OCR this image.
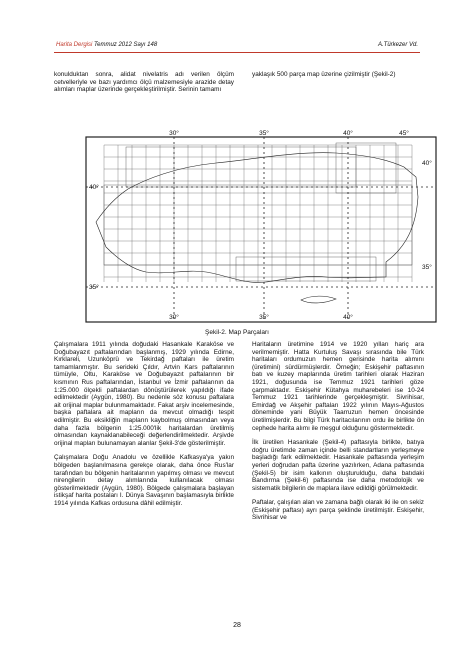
Harita Dergisi Temmuz 2012 Sayı 148	A.Türkezer Vd.

konulduktan sonra, alidat nivelatris adı verilen ölçüm cetvelleriyle ve bazı yardımcı ölçü malzemesiyle arazide detay alımları maplar üzerinde gerçekleştirilmiştir. Serinin tamamı

yaklaşık 500 parça map üzerine çizilmiştir (Şekil-2)

30°	35°	40°	45°
30°	35°	40°
40°
35°
40°
35°
Şekil-2. Map Parçaları

Çalışmalara 1911 yılında doğudaki Hasankale Karaköse ve Doğubayazıt paftalarından başlanmış, 1929 yılında Edirne, Kırklareli, Uzunköprü ve Tekirdağ paftaları ile üretim tamamlanmıştır. Bu serideki Çıldır, Artvin Kars paftalarının tümüyle, Oltu, Karaköse ve Doğubayazıt paftalarının bir kısmının Rus paftalarından, İstanbul ve İzmir paftalarının da 1:25.000 ölçekli paftalardan dönüştürülerek yapıldığı ifade edilmektedir (Aygün, 1980). Bu nedenle söz konusu paftalara ait orijinal maplar bulunmamaktadır. Fakat arşiv incelemesinde, başka paftalara ait mapların da mevcut olmadığı tespit edilmiştir. Bu eksikliğin mapların kaybolmuş olmasından veya daha fazla bölgenin 1:25.000'lik haritalardan üretilmiş olmasından kaynaklanabileceği değerlendirilmektedir. Arşivde orijinal mapları bulunamayan alanlar Şekil-3'de gösterilmiştir.

Çalışmalara Doğu Anadolu ve özellikle Kafkasya'ya yakın bölgeden başlanılmasına gerekçe olarak, daha önce Rus'lar tarafından bu bölgenin haritalarının yapılmış olması ve mevcut nirengilerin detay alımlarında kullanılacak olması gösterilmektedir (Aygün, 1980). Bölgede çalışmalara başlayan istikşaf harita postaları I. Dünya Savaşının başlamasıyla birlikte 1914 yılında Kafkas ordusuna dâhil edilmiştir.

Haritaların üretimine 1914 ve 1920 yılları hariç ara verilmemiştir. Hatta Kurtuluş Savaşı sırasında bile Türk haritaları ordumuzun hemen gerisinde harita alımını (üretimini) sürdürmüşlerdir. Örneğin; Eskişehir paftasının batı ve kuzey maplarında üretim tarihleri olarak Haziran 1921, doğusunda ise Temmuz 1921 tarihleri göze çarpmaktadır. Eskişehir Kütahya muharebeleri ise 10-24 Temmuz 1921 tarihlerinde gerçekleşmiştir. Sivrihisar, Emirdağ ve Akşehir paftaları 1922 yılının Mayıs-Ağustos döneminde yani Büyük Taarruzun hemen öncesinde üretilmişlerdir. Bu bilgi Türk haritacılarının ordu ile birlikte ön cephede harita alımı ile meşgul olduğunu göstermektedir.

İlk üretilen Hasankale (Şekil-4) paftasıyla birlikte, batıya doğru üretimde zaman içinde belli standartların yerleşmeye başladığı fark edilmektedir. Hasankale paftasında yerleşim yerleri doğrudan pafta üzerine yazılırken, Adana paftasında (Şekil-5) bir isim kalkının oluşturulduğu, daha batıdaki Bandırma (Şekil-6) paftasında ise daha metodolojik ve sistematik bilgilerin de maplara ilave edildiği görülmektedir.

Paftalar, çalışılan alan ve zamana bağlı olarak iki ile on sekiz (Eskişehir paftası) ayrı parça şeklinde üretilmiştir. Eskişehir, Sivrihisar ve

28
